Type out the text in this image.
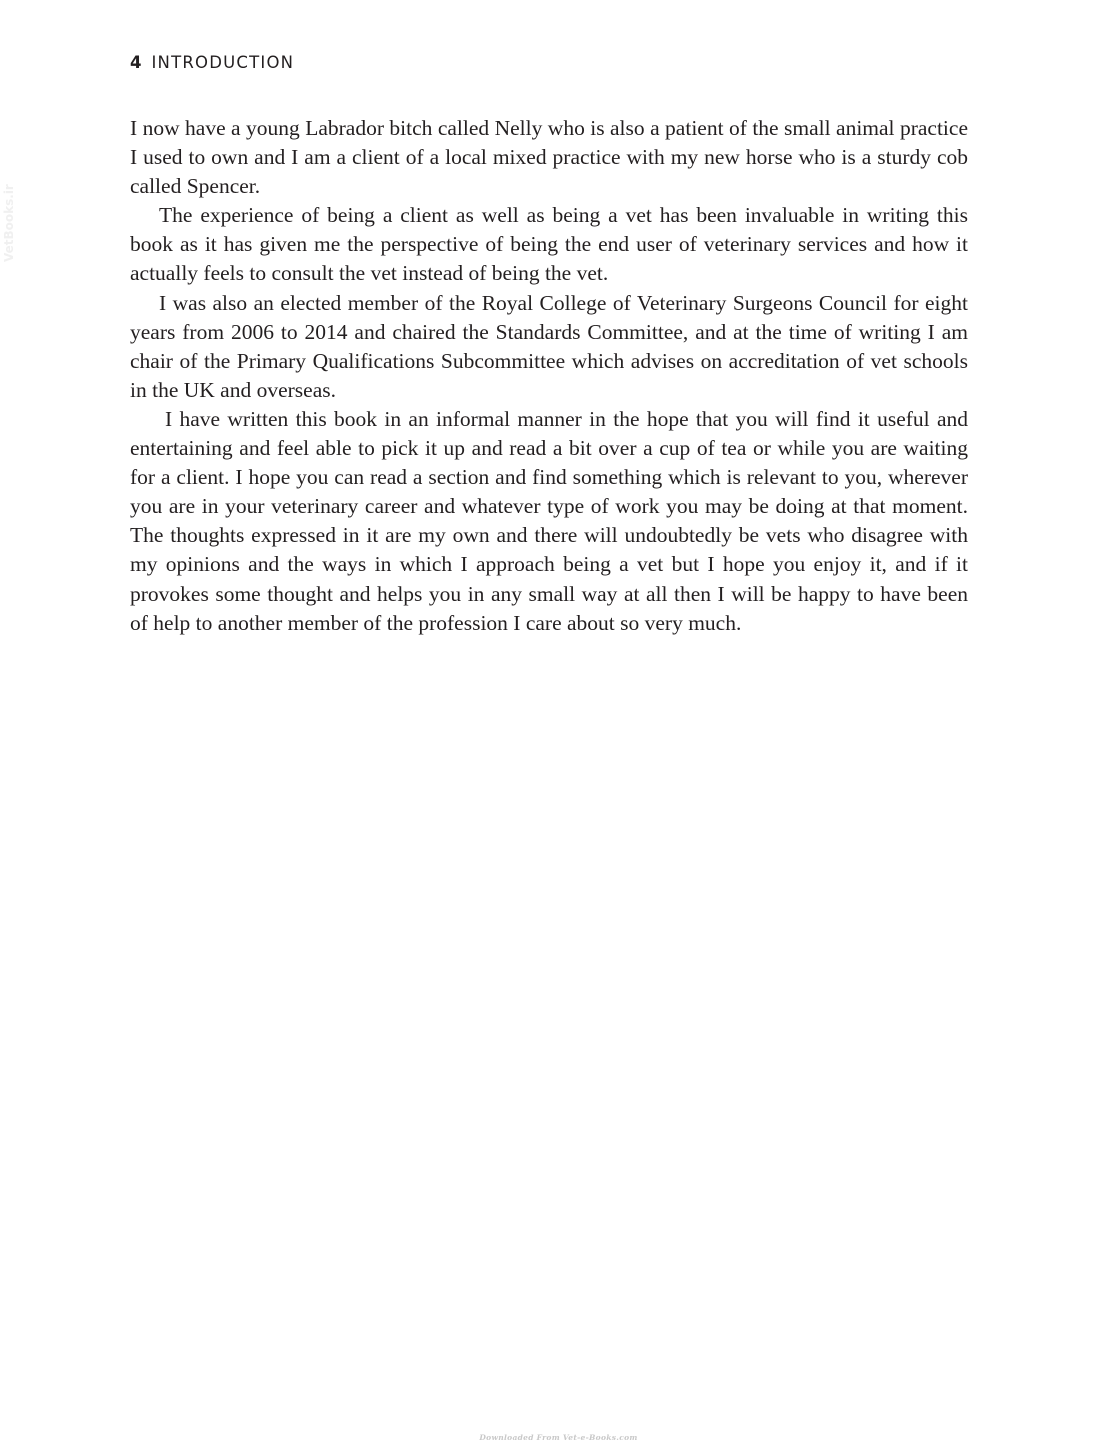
4 INTRODUCTION
VetBooks.ir

I now have a young Labrador bitch called Nelly who is also a patient of the small animal practice I used to own and I am a client of a local mixed practice with my new horse who is a sturdy cob called Spencer.

The experience of being a client as well as being a vet has been invaluable in writing this book as it has given me the perspective of being the end user of veterinary services and how it actually feels to consult the vet instead of being the vet.

I was also an elected member of the Royal College of Veterinary Surgeons Council for eight years from 2006 to 2014 and chaired the Standards Committee, and at the time of writing I am chair of the Primary Qualifications Subcommittee which advises on accreditation of vet schools in the UK and overseas.

I have written this book in an informal manner in the hope that you will find it useful and entertaining and feel able to pick it up and read a bit over a cup of tea or while you are waiting for a client. I hope you can read a section and find something which is relevant to you, wherever you are in your veterinary career and whatever type of work you may be doing at that moment. The thoughts expressed in it are my own and there will undoubtedly be vets who disagree with my opinions and the ways in which I approach being a vet but I hope you enjoy it, and if it provokes some thought and helps you in any small way at all then I will be happy to have been of help to another member of the profession I care about so very much.

Downloaded From Vet-e-Books.com
